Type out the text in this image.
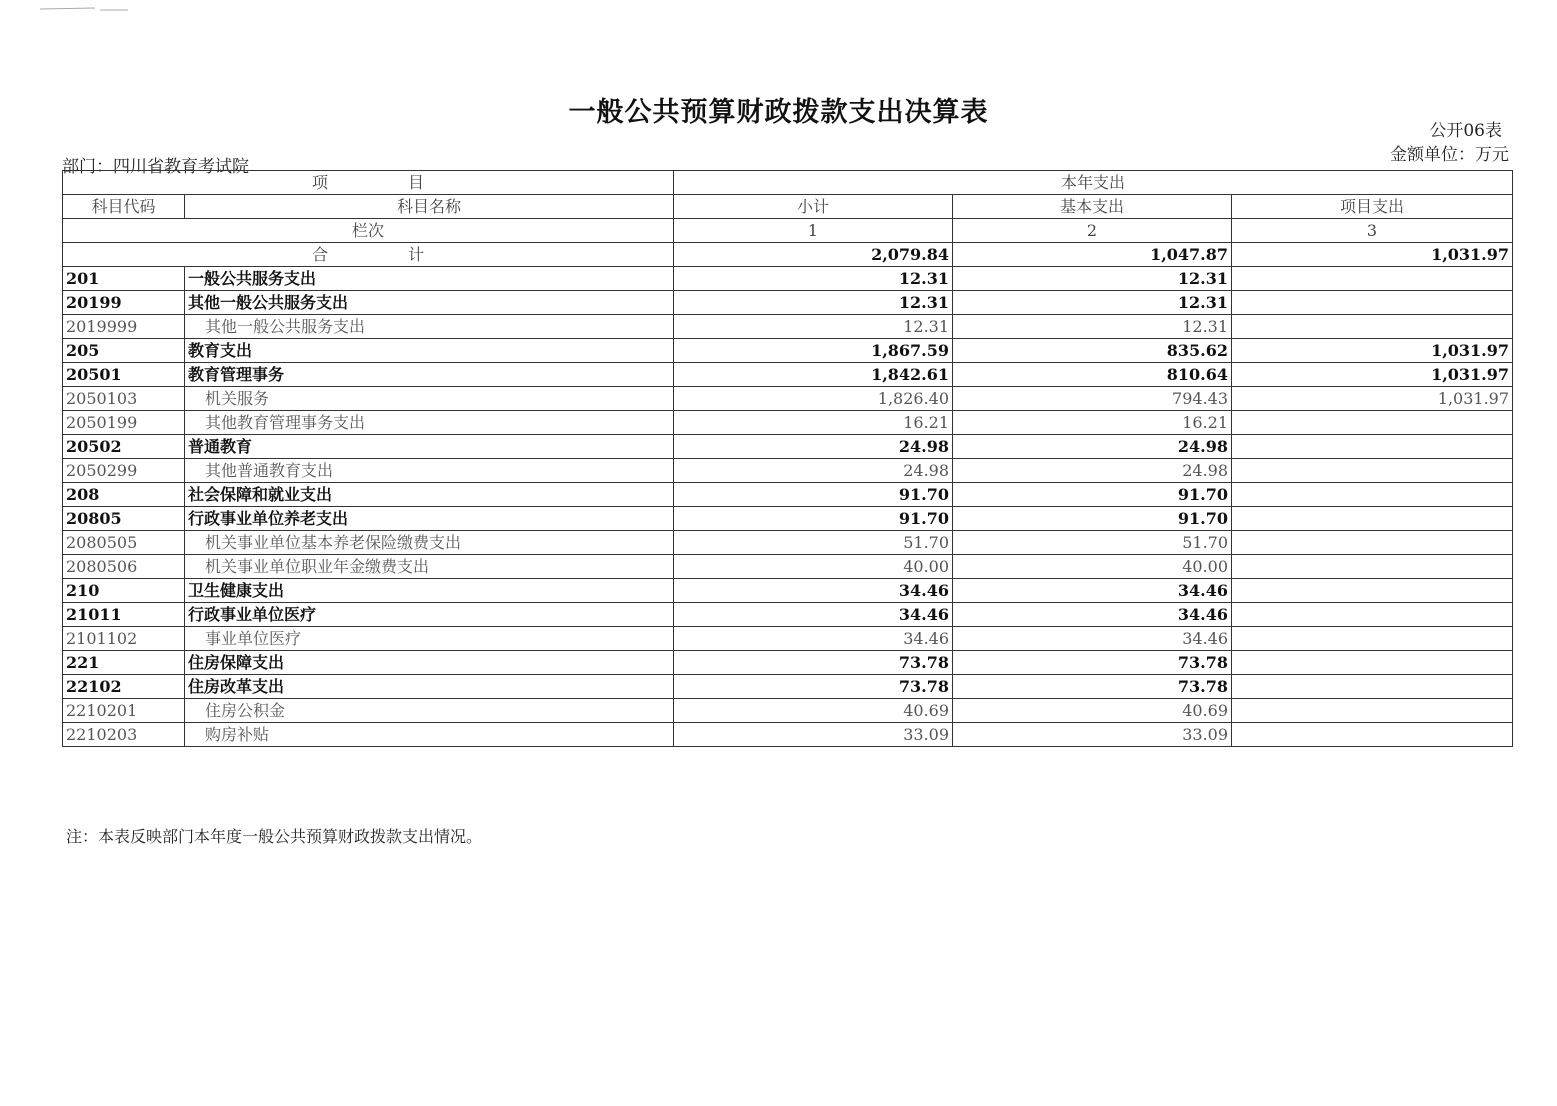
一般公共预算财政拨款支出决算表
公开06表
金额单位：万元
部门：四川省教育考试院
项　　　　　目		本年支出		
科目代码	科目名称	小计	基本支出	项目支出
栏次		1	2	3
合　　　　　计		2,079.84	1,047.87	1,031.97
201	一般公共服务支出	12.31	12.31	
20199	其他一般公共服务支出	12.31	12.31	
2019999	其他一般公共服务支出	12.31	12.31	
205	教育支出	1,867.59	835.62	1,031.97
20501	教育管理事务	1,842.61	810.64	1,031.97
2050103	机关服务	1,826.40	794.43	1,031.97
2050199	其他教育管理事务支出	16.21	16.21	
20502	普通教育	24.98	24.98	
2050299	其他普通教育支出	24.98	24.98	
208	社会保障和就业支出	91.70	91.70	
20805	行政事业单位养老支出	91.70	91.70	
2080505	机关事业单位基本养老保险缴费支出	51.70	51.70	
2080506	机关事业单位职业年金缴费支出	40.00	40.00	
210	卫生健康支出	34.46	34.46	
21011	行政事业单位医疗	34.46	34.46	
2101102	事业单位医疗	34.46	34.46	
221	住房保障支出	73.78	73.78	
22102	住房改革支出	73.78	73.78	
2210201	住房公积金	40.69	40.69	
2210203	购房补贴	33.09	33.09	
注：本表反映部门本年度一般公共预算财政拨款支出情况。
